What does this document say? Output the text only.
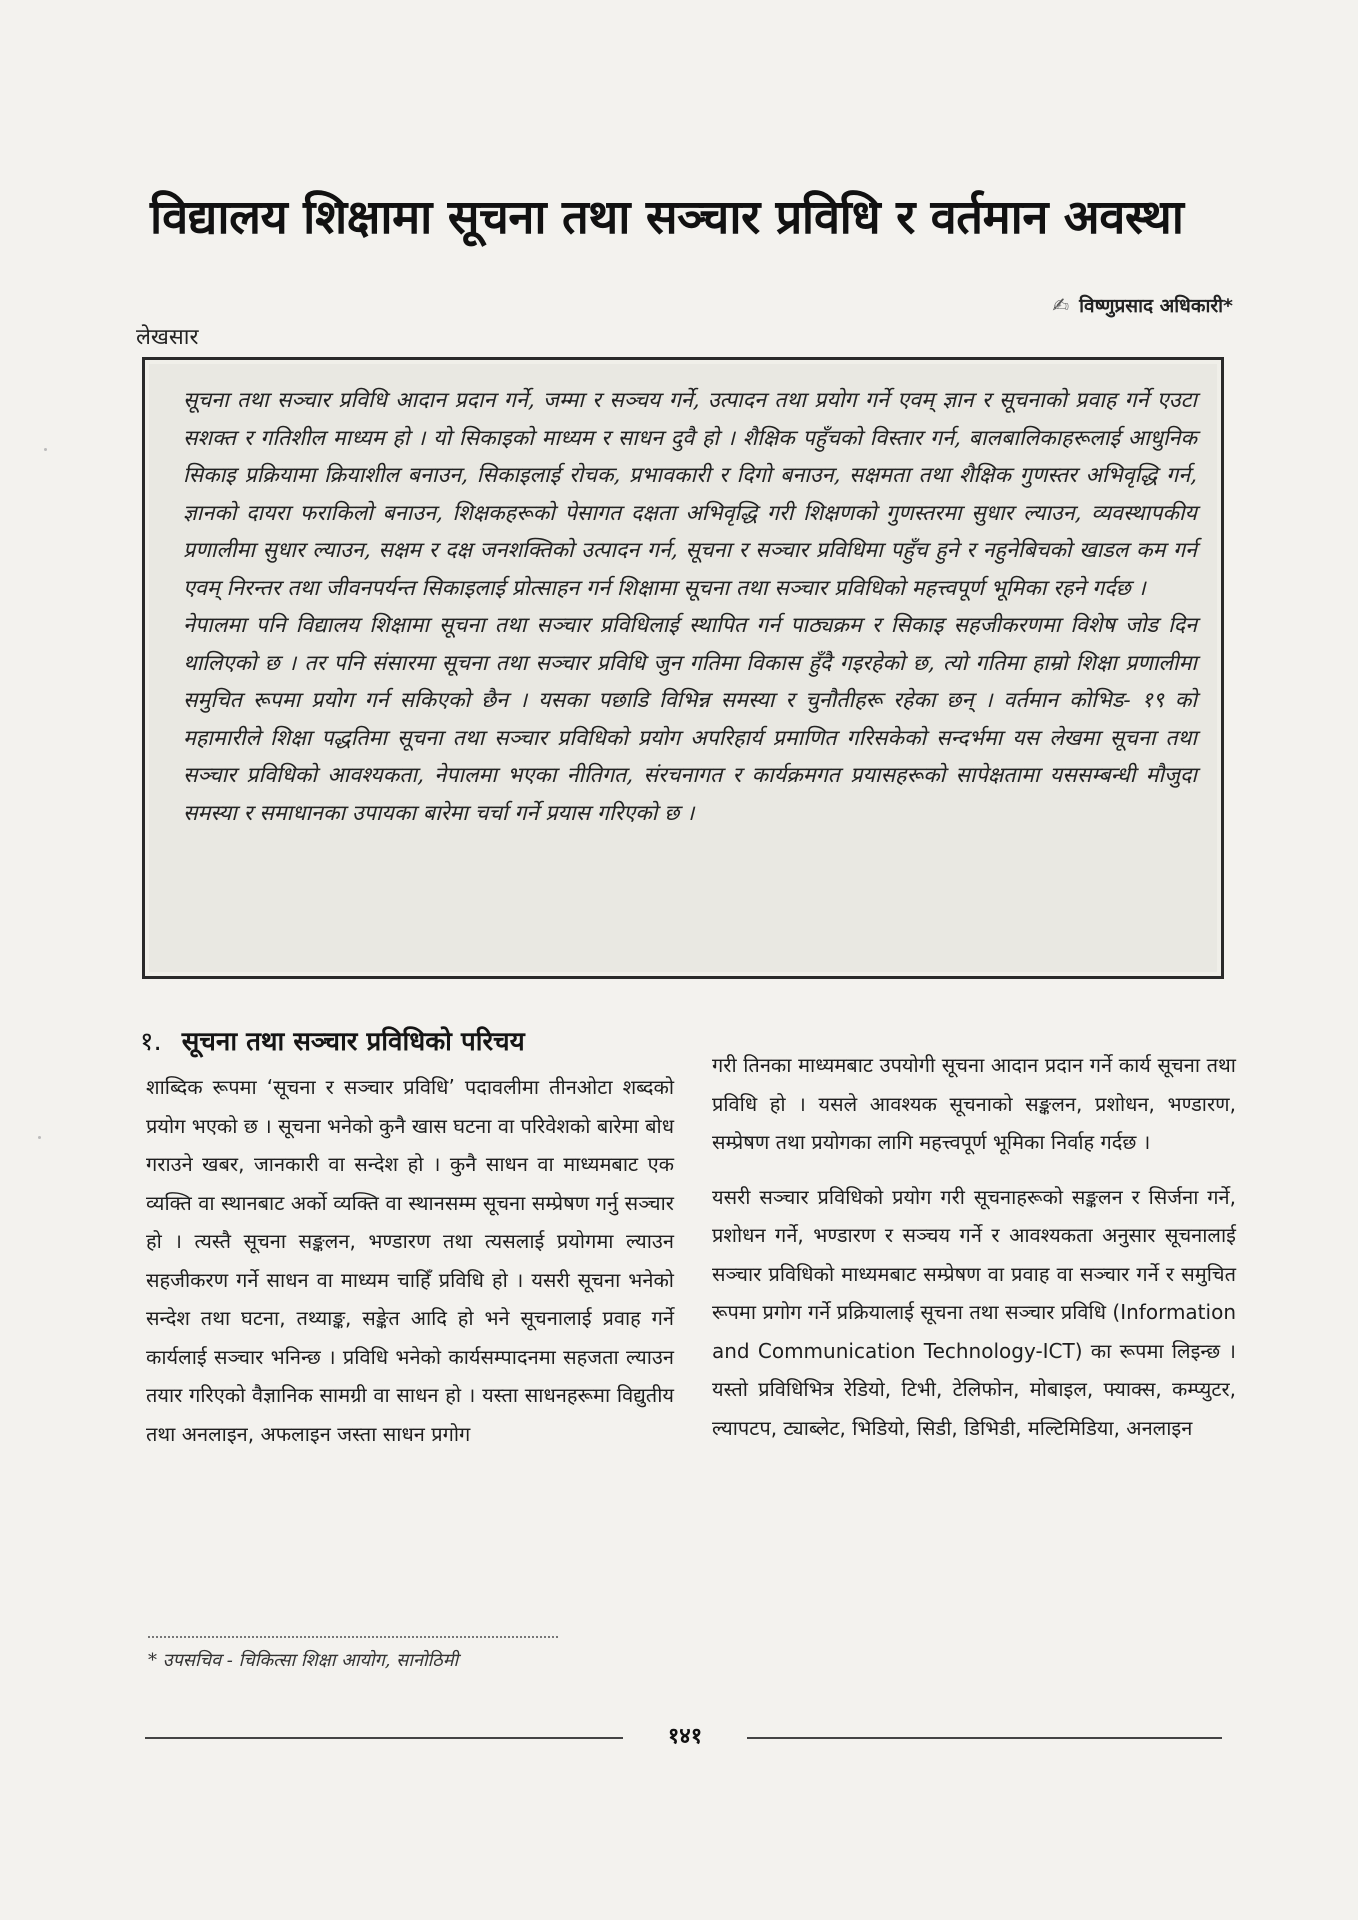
विद्यालय शिक्षामा सूचना तथा सञ्चार प्रविधि र वर्तमान अवस्था
✍ विष्णुप्रसाद अधिकारी*
लेखसार

सूचना तथा सञ्चार प्रविधि आदान प्रदान गर्ने, जम्मा र सञ्चय गर्ने, उत्पादन तथा प्रयोग गर्ने एवम् ज्ञान र सूचनाको प्रवाह गर्ने एउटा सशक्त र गतिशील माध्यम हो । यो सिकाइको माध्यम र साधन दुवै हो । शैक्षिक पहुँचको विस्तार गर्न, बालबालिकाहरूलाई आधुनिक सिकाइ प्रक्रियामा क्रियाशील बनाउन, सिकाइलाई रोचक, प्रभावकारी र दिगो बनाउन, सक्षमता तथा शैक्षिक गुणस्तर अभिवृद्धि गर्न, ज्ञानको दायरा फराकिलो बनाउन, शिक्षकहरूको पेसागत दक्षता अभिवृद्धि गरी शिक्षणको गुणस्तरमा सुधार ल्याउन, व्यवस्थापकीय प्रणालीमा सुधार ल्याउन, सक्षम र दक्ष जनशक्तिको उत्पादन गर्न, सूचना र सञ्चार प्रविधिमा पहुँच हुने र नहुनेबिचको खाडल कम गर्न एवम् निरन्तर तथा जीवनपर्यन्त सिकाइलाई प्रोत्साहन गर्न शिक्षामा सूचना तथा सञ्चार प्रविधिको महत्त्वपूर्ण भूमिका रहने गर्दछ ।

नेपालमा पनि विद्यालय शिक्षामा सूचना तथा सञ्चार प्रविधिलाई स्थापित गर्न पाठ्यक्रम र सिकाइ सहजीकरणमा विशेष जोड दिन थालिएको छ । तर पनि संसारमा सूचना तथा सञ्चार प्रविधि जुन गतिमा विकास हुँदै गइरहेको छ, त्यो गतिमा हाम्रो शिक्षा प्रणालीमा समुचित रूपमा प्रयोग गर्न सकिएको छैन । यसका पछाडि विभिन्न समस्या र चुनौतीहरू रहेका छन् । वर्तमान कोभिड- १९ को महामारीले शिक्षा पद्धतिमा सूचना तथा सञ्चार प्रविधिको प्रयोग अपरिहार्य प्रमाणित गरिसकेको सन्दर्भमा यस लेखमा सूचना तथा सञ्चार प्रविधिको आवश्यकता, नेपालमा भएका नीतिगत, संरचनागत र कार्यक्रमगत प्रयासहरूको सापेक्षतामा यससम्बन्धी मौजुदा समस्या र समाधानका उपायका बारेमा चर्चा गर्ने प्रयास गरिएको छ ।

१. सूचना तथा सञ्चार प्रविधिको परिचय

शाब्दिक रूपमा ‘सूचना र सञ्चार प्रविधि’ पदावलीमा तीनओटा शब्दको प्रयोग भएको छ । सूचना भनेको कुनै खास घटना वा परिवेशको बारेमा बोध गराउने खबर, जानकारी वा सन्देश हो । कुनै साधन वा माध्यमबाट एक व्यक्ति वा स्थानबाट अर्को व्यक्ति वा स्थानसम्म सूचना सम्प्रेषण गर्नु सञ्चार हो । त्यस्तै सूचना सङ्कलन, भण्डारण तथा त्यसलाई प्रयोगमा ल्याउन सहजीकरण गर्ने साधन वा माध्यम चाहिँ प्रविधि हो । यसरी सूचना भनेको सन्देश तथा घटना, तथ्याङ्क, सङ्केत आदि हो भने सूचनालाई प्रवाह गर्ने कार्यलाई सञ्चार भनिन्छ । प्रविधि भनेको कार्यसम्पादनमा सहजता ल्याउन तयार गरिएको वैज्ञानिक सामग्री वा साधन हो । यस्ता साधनहरूमा विद्युतीय तथा अनलाइन, अफलाइन जस्ता साधन प्रगोग

गरी तिनका माध्यमबाट उपयोगी सूचना आदान प्रदान गर्ने कार्य सूचना तथा प्रविधि हो । यसले आवश्यक सूचनाको सङ्कलन, प्रशोधन, भण्डारण, सम्प्रेषण तथा प्रयोगका लागि महत्त्वपूर्ण भूमिका निर्वाह गर्दछ ।

यसरी सञ्चार प्रविधिको प्रयोग गरी सूचनाहरूको सङ्कलन र सिर्जना गर्ने, प्रशोधन गर्ने, भण्डारण र सञ्चय गर्ने र आवश्यकता अनुसार सूचनालाई सञ्चार प्रविधिको माध्यमबाट सम्प्रेषण वा प्रवाह वा सञ्चार गर्ने र समुचित रूपमा प्रगोग गर्ने प्रक्रियालाई सूचना तथा सञ्चार प्रविधि (Information and Communication Technology-ICT) का रूपमा लिइन्छ । यस्तो प्रविधिभित्र रेडियो, टिभी, टेलिफोन, मोबाइल, फ्याक्स, कम्प्युटर, ल्यापटप, ट्याब्लेट, भिडियो, सिडी, डिभिडी, मल्टिमिडिया, अनलाइन

* उपसचिव - चिकित्सा शिक्षा आयोग, सानोठिमी
१४१
